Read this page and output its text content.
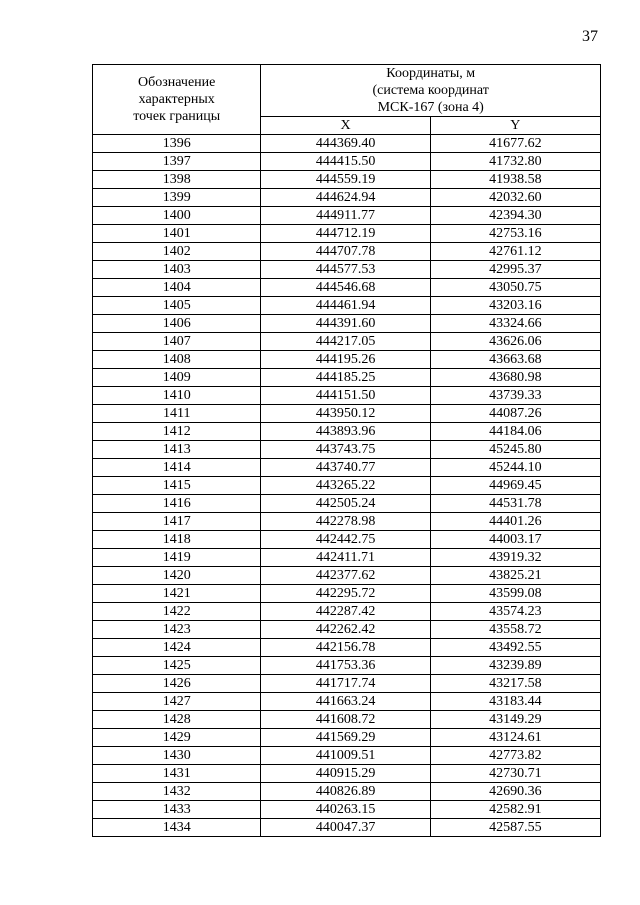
37
Обозначение
характерных
точек границы	Координаты, м
(система координат
МСК-167 (зона 4)	

	X	Y
1396	444369.40	41677.62
1397	444415.50	41732.80
1398	444559.19	41938.58
1399	444624.94	42032.60
1400	444911.77	42394.30
1401	444712.19	42753.16
1402	444707.78	42761.12
1403	444577.53	42995.37
1404	444546.68	43050.75
1405	444461.94	43203.16
1406	444391.60	43324.66
1407	444217.05	43626.06
1408	444195.26	43663.68
1409	444185.25	43680.98
1410	444151.50	43739.33
1411	443950.12	44087.26
1412	443893.96	44184.06
1413	443743.75	45245.80
1414	443740.77	45244.10
1415	443265.22	44969.45
1416	442505.24	44531.78
1417	442278.98	44401.26
1418	442442.75	44003.17
1419	442411.71	43919.32
1420	442377.62	43825.21
1421	442295.72	43599.08
1422	442287.42	43574.23
1423	442262.42	43558.72
1424	442156.78	43492.55
1425	441753.36	43239.89
1426	441717.74	43217.58
1427	441663.24	43183.44
1428	441608.72	43149.29
1429	441569.29	43124.61
1430	441009.51	42773.82
1431	440915.29	42730.71
1432	440826.89	42690.36
1433	440263.15	42582.91
1434	440047.37	42587.55
